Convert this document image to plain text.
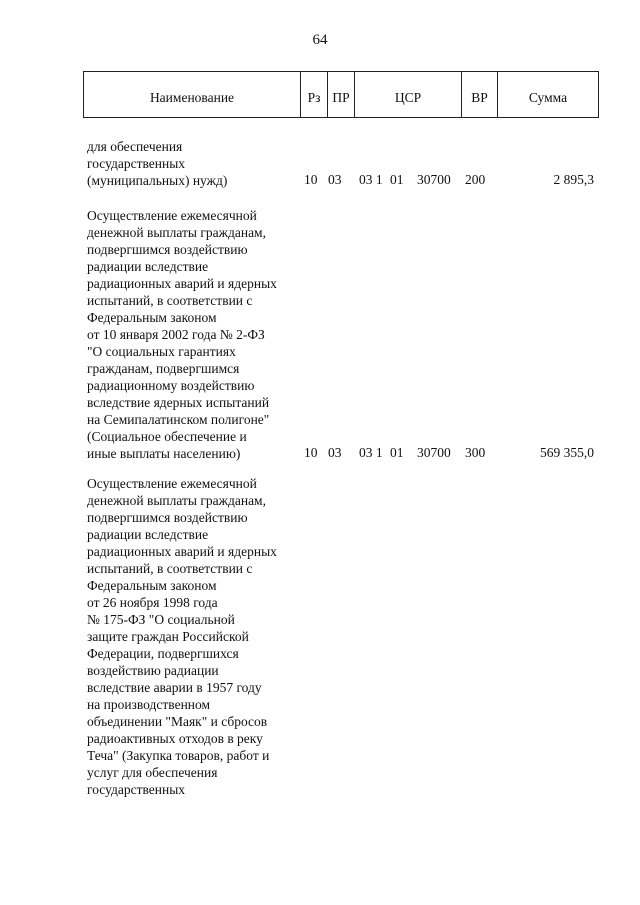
64
Наименование	Рз ПР	ЦСР	ВР	Сумма
для обеспечения
государственных
(муниципальных) нужд)	10 03 03 1 01 30700 200	2 895,3
Осуществление ежемесячной
денежной выплаты гражданам,
подвергшимся воздействию
радиации вследствие
радиационных аварий и ядерных
испытаний, в соответствии с
Федеральным законом
от 10 января 2002 года № 2-ФЗ
"О социальных гарантиях
гражданам, подвергшимся
радиационному воздействию
вследствие ядерных испытаний
на Семипалатинском полигоне"
(Социальное обеспечение и
иные выплаты населению)	10 03 03 1 01 30700 300	569 355,0
Осуществление ежемесячной
денежной выплаты гражданам,
подвергшимся воздействию
радиации вследствие
радиационных аварий и ядерных
испытаний, в соответствии с
Федеральным законом
от 26 ноября 1998 года
№ 175-ФЗ "О социальной
защите граждан Российской
Федерации, подвергшихся
воздействию радиации
вследствие аварии в 1957 году
на производственном
объединении "Маяк" и сбросов
радиоактивных отходов в реку
Теча" (Закупка товаров, работ и
услуг для обеспечения
государственных
